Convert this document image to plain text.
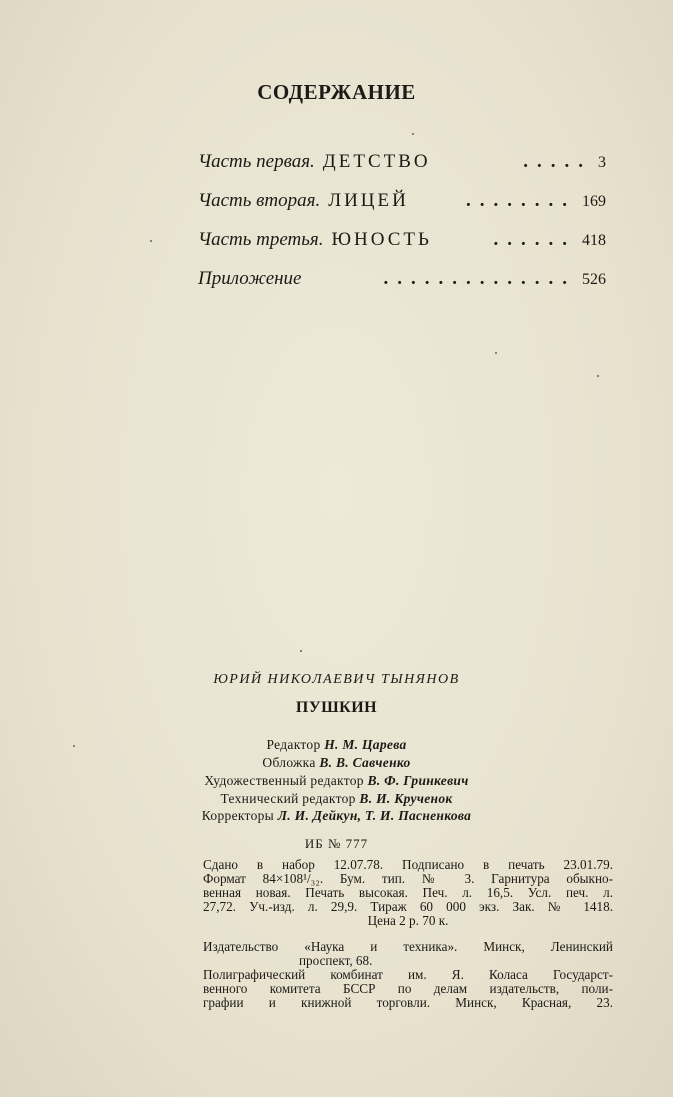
СОДЕРЖАНИЕ
Часть первая. ДЕТСТВО	..... 3
Часть вторая. ЛИЦЕЙ	........ 169
Часть третья. ЮНОСТЬ	...... 418
Приложение	.............. 526
ЮРИЙ НИКОЛАЕВИЧ ТЫНЯНОВ
ПУШКИН
Редактор Н. М. Царева
Обложка В. В. Савченко
Художественный редактор В. Ф. Гринкевич
Технический редактор В. И. Крученок
Корректоры Л. И. Дейкун, Т. И. Пасненкова
ИБ № 777
Сдано в набор 12.07.78. Подписано в печать 23.01.79.
Формат 84×108¹/₃₂. Бум. тип. № 3. Гарнитура обыкно-
венная новая. Печать высокая. Печ. л. 16,5. Усл. печ. л.
27,72. Уч.-изд. л. 29,9. Тираж 60 000 экз. Зак. № 1418.
Цена 2 р. 70 к.
Издательство «Наука и техника». Минск, Ленинский
проспект, 68.
Полиграфический комбинат им. Я. Коласа Государст-
венного комитета БССР по делам издательств, поли-
графии и книжной торговли. Минск, Красная, 23.
